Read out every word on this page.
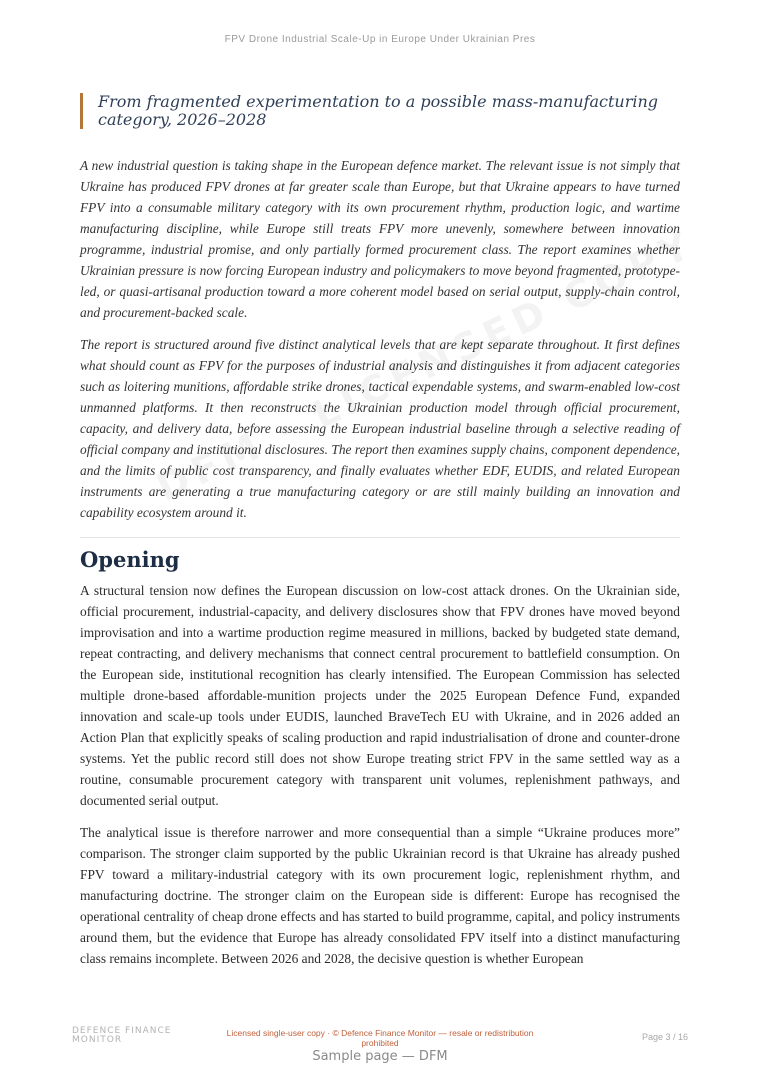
FPV Drone Industrial Scale-Up in Europe Under Ukrainian Pres

From fragmented experimentation to a possible mass-manufacturing category, 2026–2028

A new industrial question is taking shape in the European defence market. The relevant issue is not simply that Ukraine has produced FPV drones at far greater scale than Europe, but that Ukraine appears to have turned FPV into a consumable military category with its own procurement rhythm, production logic, and wartime manufacturing discipline, while Europe still treats FPV more unevenly, somewhere between innovation programme, industrial promise, and only partially formed procurement class. The report examines whether Ukrainian pressure is now forcing European industry and policymakers to move beyond fragmented, prototype-led, or quasi-artisanal production toward a more coherent model based on serial output, supply-chain control, and procurement-backed scale.

The report is structured around five distinct analytical levels that are kept separate throughout. It first defines what should count as FPV for the purposes of industrial analysis and distinguishes it from adjacent categories such as loitering munitions, affordable strike drones, tactical expendable systems, and swarm-enabled low-cost unmanned platforms. It then reconstructs the Ukrainian production model through official procurement, capacity, and delivery data, before assessing the European industrial baseline through a selective reading of official company and institutional disclosures. The report then examines supply chains, component dependence, and the limits of public cost transparency, and finally evaluates whether EDF, EUDIS, and related European instruments are generating a true manufacturing category or are still mainly building an innovation and capability ecosystem around it.

Opening

A structural tension now defines the European discussion on low-cost attack drones. On the Ukrainian side, official procurement, industrial-capacity, and delivery disclosures show that FPV drones have moved beyond improvisation and into a wartime production regime measured in millions, backed by budgeted state demand, repeat contracting, and delivery mechanisms that connect central procurement to battlefield consumption. On the European side, institutional recognition has clearly intensified. The European Commission has selected multiple drone-based affordable-munition projects under the 2025 European Defence Fund, expanded innovation and scale-up tools under EUDIS, launched BraveTech EU with Ukraine, and in 2026 added an Action Plan that explicitly speaks of scaling production and rapid industrialisation of drone and counter-drone systems. Yet the public record still does not show Europe treating strict FPV in the same settled way as a routine, consumable procurement category with transparent unit volumes, replenishment pathways, and documented serial output.

The analytical issue is therefore narrower and more consequential than a simple “Ukraine produces more” comparison. The stronger claim supported by the public Ukrainian record is that Ukraine has already pushed FPV toward a military-industrial category with its own procurement logic, replenishment rhythm, and manufacturing doctrine. The stronger claim on the European side is different: Europe has recognised the operational centrality of cheap drone effects and has started to build programme, capital, and policy instruments around them, but the evidence that Europe has already consolidated FPV itself into a distinct manufacturing class remains incomplete. Between 2026 and 2028, the decisive question is whether European

DEFENCE FINANCE
MONITOR
Licensed single-user copy · © Defence Finance Monitor — resale or redistribution prohibited
Page 3 / 16
Sample page — DFM
